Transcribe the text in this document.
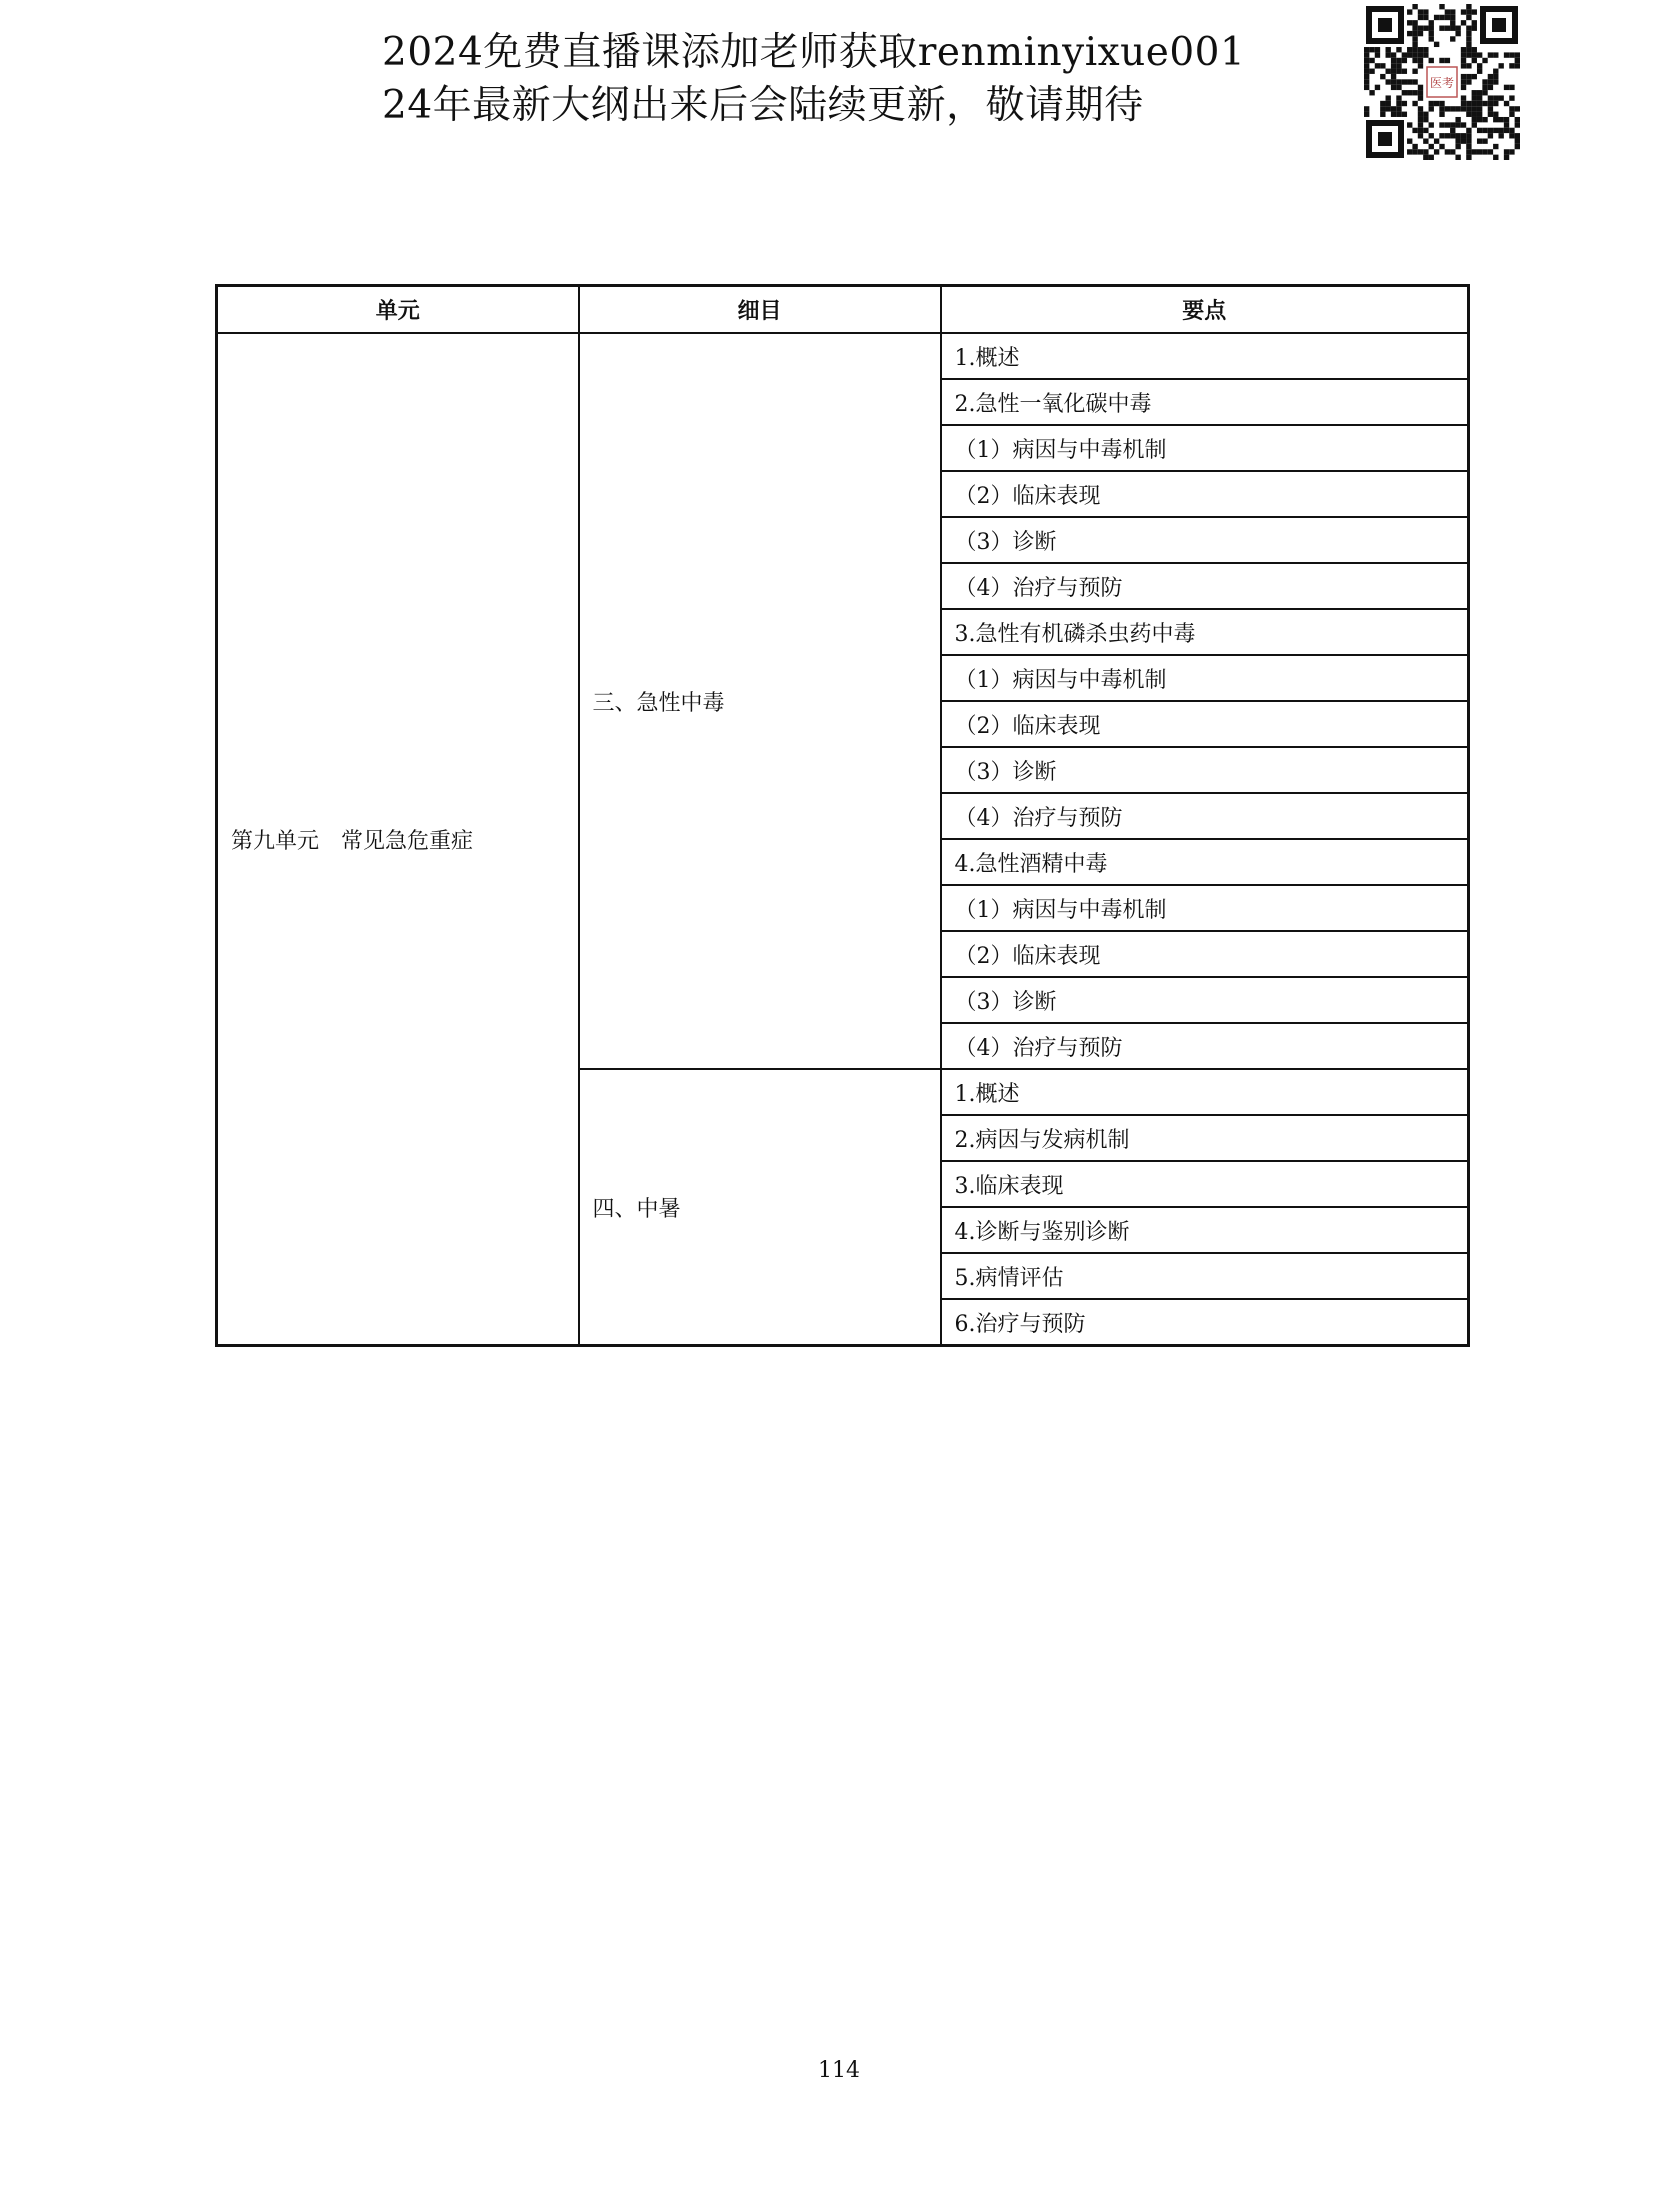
2024免费直播课添加老师获取renminyixue001
24年最新大纲出来后会陆续更新，敬请期待	医考
单元	细目	要点
第九单元　常见急危重症	三、急性中毒	1.概述
		2.急性一氧化碳中毒
		（1）病因与中毒机制
		（2）临床表现
		（3）诊断
		（4）治疗与预防
		3.急性有机磷杀虫药中毒
		（1）病因与中毒机制
		（2）临床表现
		（3）诊断
		（4）治疗与预防
		4.急性酒精中毒
		（1）病因与中毒机制
		（2）临床表现
		（3）诊断
		（4）治疗与预防
	四、中暑	1.概述
		2.病因与发病机制
		3.临床表现
		4.诊断与鉴别诊断
		5.病情评估
		6.治疗与预防
114
